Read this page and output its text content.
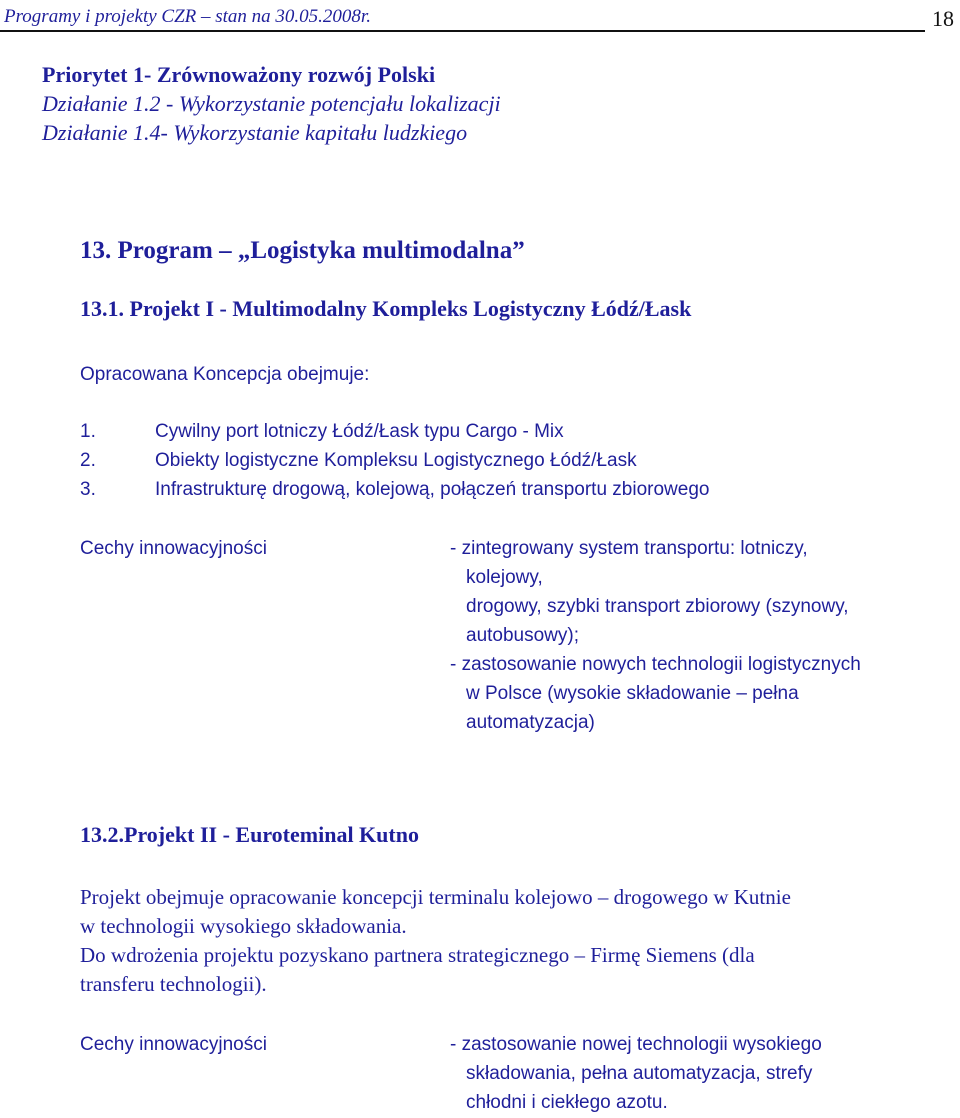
Programy i projekty CZR – stan na 30.05.2008r.	18
Priorytet 1- Zrównoważony rozwój Polski
Działanie 1.2 - Wykorzystanie potencjału lokalizacji
Działanie 1.4- Wykorzystanie kapitału ludzkiego
13. Program – „Logistyka multimodalna”
13.1. Projekt I - Multimodalny Kompleks Logistyczny Łódź/Łask
Opracowana Koncepcja obejmuje:
1.	Cywilny port lotniczy Łódź/Łask typu Cargo - Mix
2.	Obiekty logistyczne Kompleksu Logistycznego Łódź/Łask
3.	Infrastrukturę drogową, kolejową, połączeń transportu zbiorowego
Cechy innowacyjności	- zintegrowany system transportu: lotniczy,
kolejowy,
drogowy, szybki transport zbiorowy (szynowy,
autobusowy);
- zastosowanie nowych technologii logistycznych
w Polsce (wysokie składowanie – pełna
automatyzacja)
13.2.Projekt II - Euroteminal Kutno
Projekt obejmuje opracowanie koncepcji terminalu kolejowo – drogowego w Kutnie
w technologii wysokiego składowania.
Do wdrożenia projektu pozyskano partnera strategicznego – Firmę Siemens (dla
transferu technologii).
Cechy innowacyjności	- zastosowanie nowej technologii wysokiego
składowania, pełna automatyzacja, strefy
chłodni i ciekłego azotu.
